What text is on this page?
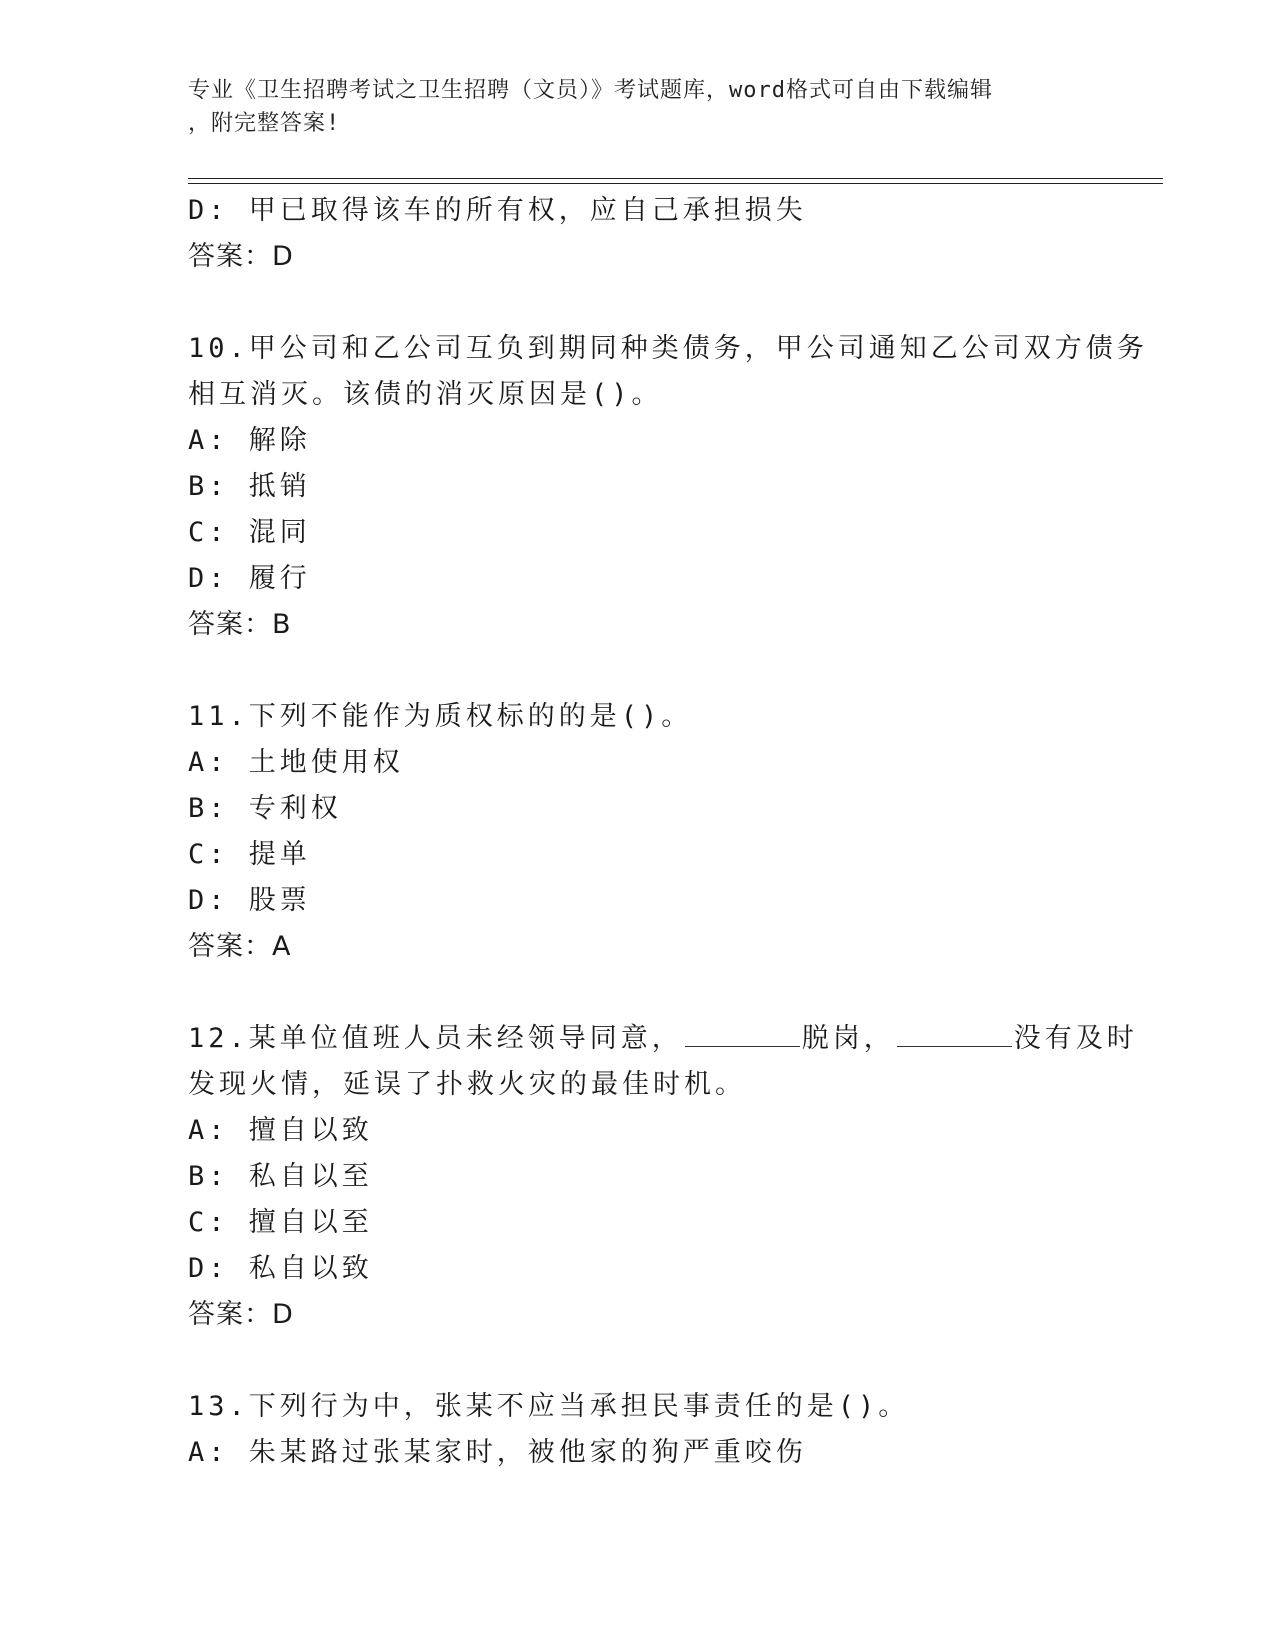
专业《卫生招聘考试之卫生招聘（文员）》考试题库，word格式可自由下载编辑
，附完整答案!
D: 甲已取得该车的所有权，应自己承担损失
答案：D
10.甲公司和乙公司互负到期同种类债务，甲公司通知乙公司双方债务
相互消灭。该债的消灭原因是()。
A: 解除
B: 抵销
C: 混同
D: 履行
答案：B
11.下列不能作为质权标的的是()。
A: 土地使用权
B: 专利权
C: 提单
D: 股票
答案：A
12.某单位值班人员未经领导同意，	脱岗，	没有及时
发现火情，延误了扑救火灾的最佳时机。
A: 擅自以致
B: 私自以至
C: 擅自以至
D: 私自以致
答案：D
13.下列行为中，张某不应当承担民事责任的是()。
A: 朱某路过张某家时，被他家的狗严重咬伤
